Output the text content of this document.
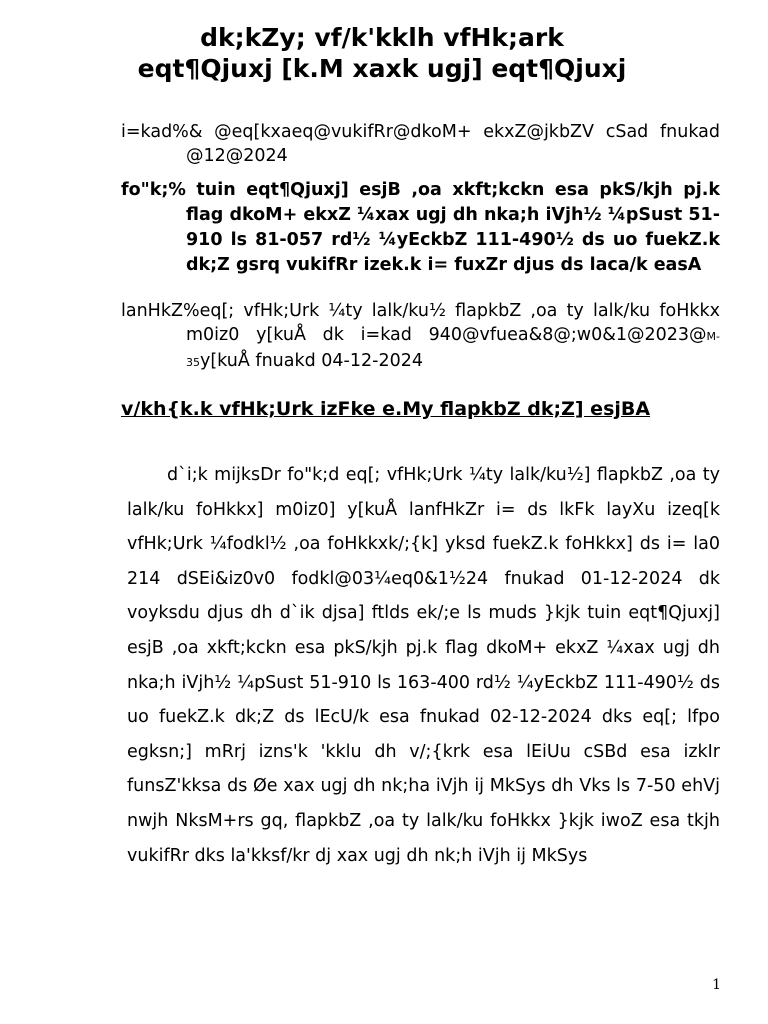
dk;kZy; vf/k'kklh vfHk;ark
eqt¶Qjuxj [k.M xaxk ugj] eqt¶Qjuxj
i=kad%& @eq[kxaeq@vukifRr@dkoM+ ekxZ@jkbZV cSad fnukad @12@2024
fo"k;% tuin eqt¶Qjuxj] esjB ,oa xkft;kckn esa pkS/kjh pj.k flag dkoM+ ekxZ ¼xax ugj dh nka;h iVjh½ ¼pSust 51-910 ls 81-057 rd½ ¼yEckbZ 111-490½ ds uo fuekZ.k dk;Z gsrq vukifRr izek.k i= fuxZr djus ds laca/k easA
lanHkZ%eq[; vfHk;Urk ¼ty lalk/ku½ flapkbZ ,oa ty lalk/ku foHkkx m0iz0 y[kuÅ dk i=kad 940@vfuea&8@;w0&1@2023@M-35y[kuÅ fnuakd 04-12-2024
v/kh{k.k vfHk;Urk izFke e.My flapkbZ dk;Z] esjBA
d`i;k mijksDr fo"k;d eq[; vfHk;Urk ¼ty lalk/ku½] flapkbZ ,oa ty lalk/ku foHkkx] m0iz0] y[kuÅ lanfHkZr i= ds lkFk layXu izeq[k vfHk;Urk ¼fodkl½ ,oa foHkkxk/;{k] yksd fuekZ.k foHkkx] ds i= la0 214 dSEi&iz0v0 fodkl@03¼eq0&1½24 fnukad 01-12-2024 dk voyksdu djus dh d`ik djsa] ftlds ek/;e ls muds }kjk tuin eqt¶Qjuxj] esjB ,oa xkft;kckn esa pkS/kjh pj.k flag dkoM+ ekxZ ¼xax ugj dh nka;h iVjh½ ¼pSust 51-910 ls 163-400 rd½ ¼yEckbZ 111-490½ ds uo fuekZ.k dk;Z ds lEcU/k esa fnukad 02-12-2024 dks eq[; lfpo egksn;] mRrj izns'k 'kklu dh v/;{krk esa lEiUu cSBd esa izkIr funsZ'kksa ds Øe xax ugj dh nk;ha iVjh ij MkSys dh Vks ls 7-50 ehVj nwjh NksM+rs gq, flapkbZ ,oa ty lalk/ku foHkkx }kjk iwoZ esa tkjh vukifRr dks la'kksf/kr dj xax ugj dh nk;h iVjh ij MkSys
1
